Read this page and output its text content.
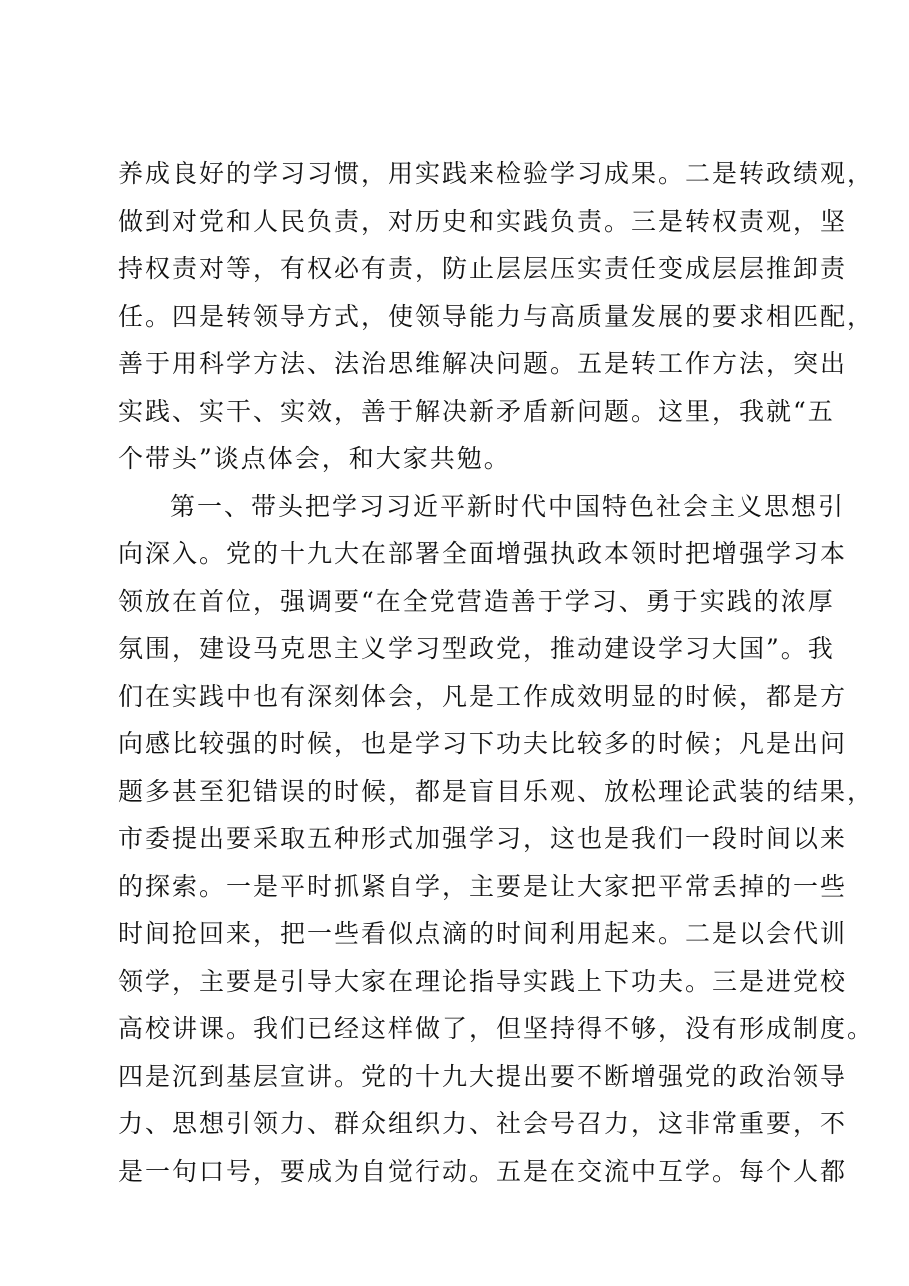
养成良好的学习习惯，用实践来检验学习成果。二是转政绩观，
做到对党和人民负责，对历史和实践负责。三是转权责观，坚
持权责对等，有权必有责，防止层层压实责任变成层层推卸责
任。四是转领导方式，使领导能力与高质量发展的要求相匹配，
善于用科学方法、法治思维解决问题。五是转工作方法，突出
实践、实干、实效，善于解决新矛盾新问题。这里，我就“五
个带头”谈点体会，和大家共勉。
第一、带头把学习习近平新时代中国特色社会主义思想引
向深入。党的十九大在部署全面增强执政本领时把增强学习本
领放在首位，强调要“在全党营造善于学习、勇于实践的浓厚
氛围，建设马克思主义学习型政党，推动建设学习大国”。我
们在实践中也有深刻体会，凡是工作成效明显的时候，都是方
向感比较强的时候，也是学习下功夫比较多的时候；凡是出问
题多甚至犯错误的时候，都是盲目乐观、放松理论武装的结果，
市委提出要采取五种形式加强学习，这也是我们一段时间以来
的探索。一是平时抓紧自学，主要是让大家把平常丢掉的一些
时间抢回来，把一些看似点滴的时间利用起来。二是以会代训
领学，主要是引导大家在理论指导实践上下功夫。三是进党校
高校讲课。我们已经这样做了，但坚持得不够，没有形成制度。
四是沉到基层宣讲。党的十九大提出要不断增强党的政治领导
力、思想引领力、群众组织力、社会号召力，这非常重要，不
是一句口号，要成为自觉行动。五是在交流中互学。每个人都
